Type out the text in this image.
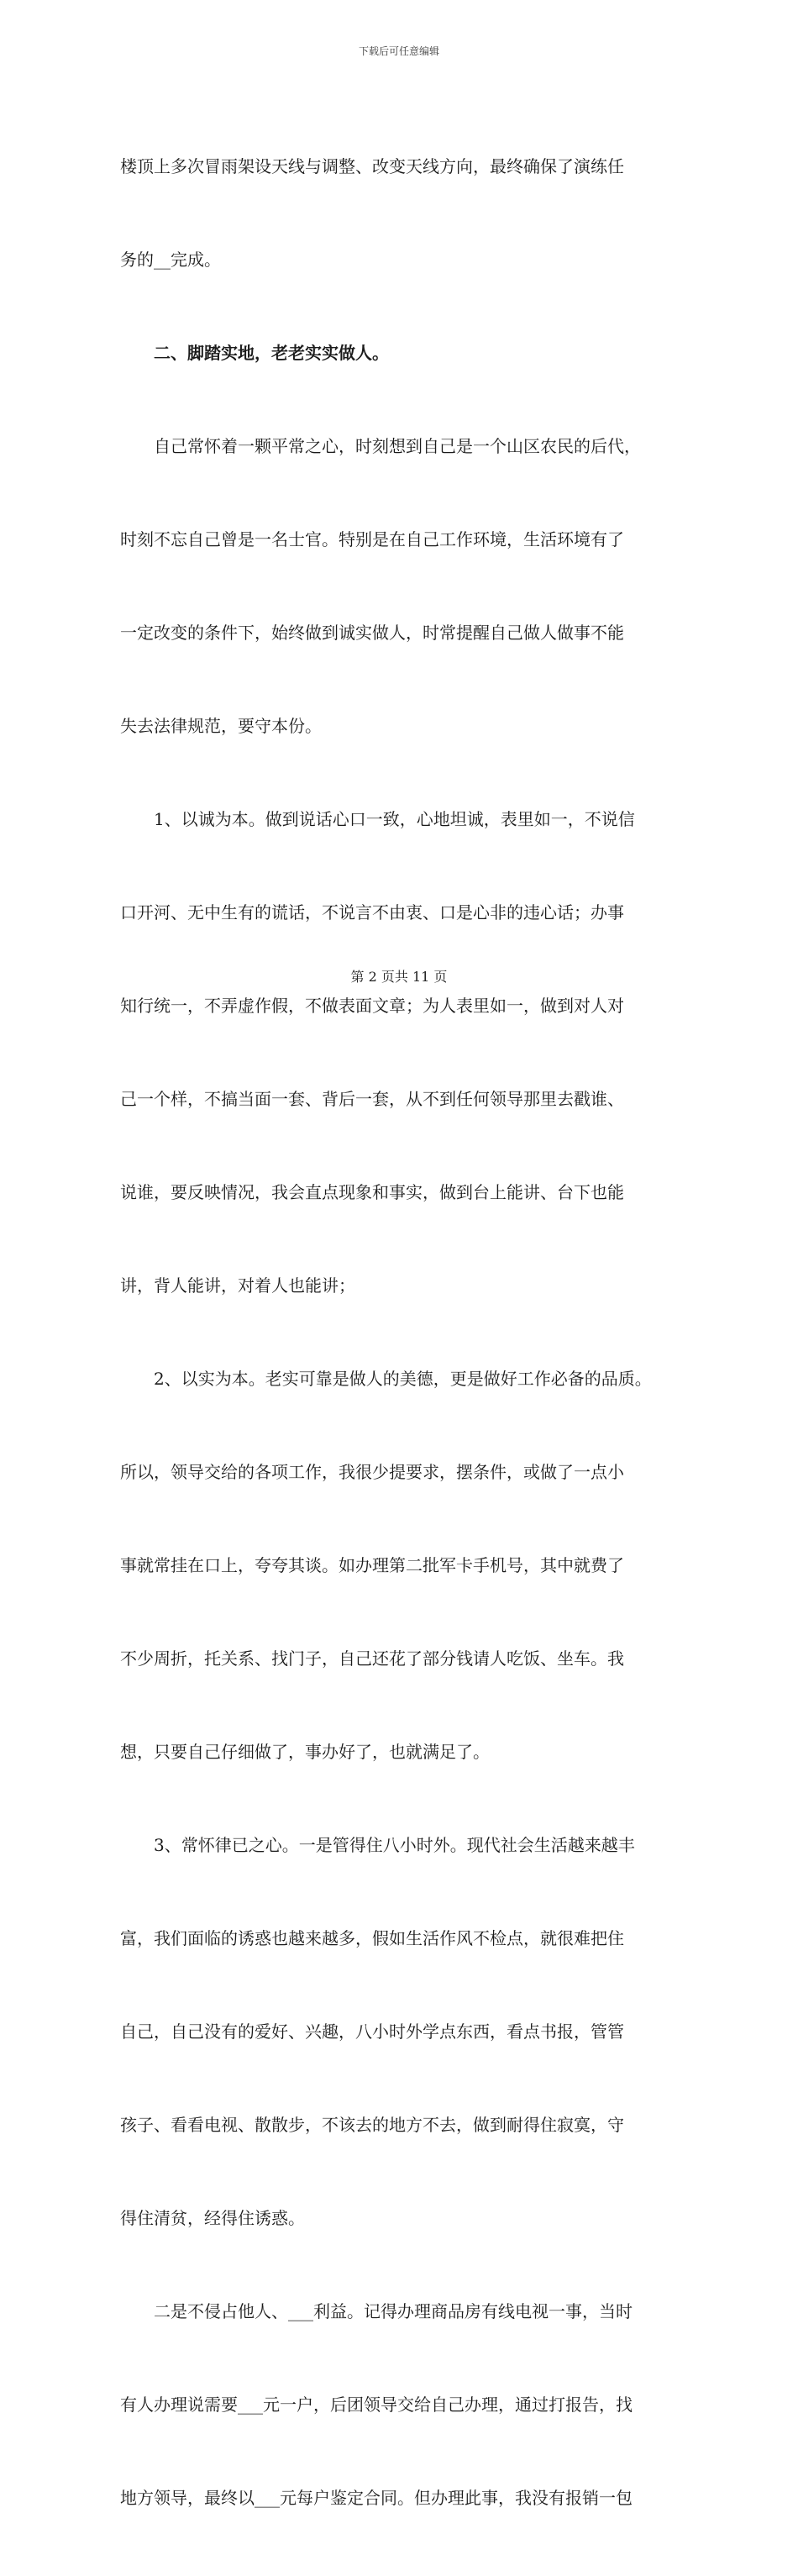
下载后可任意编辑

楼顶上多次冒雨架设天线与调整、改变天线方向，最终确保了演练任

务的__完成。

　　二、脚踏实地，老老实实做人。

　　自己常怀着一颗平常之心，时刻想到自己是一个山区农民的后代，

时刻不忘自己曾是一名士官。特别是在自己工作环境，生活环境有了

一定改变的条件下，始终做到诚实做人，时常提醒自己做人做事不能

失去法律规范，要守本份。

　　1、以诚为本。做到说话心口一致，心地坦诚，表里如一，不说信

口开河、无中生有的谎话，不说言不由衷、口是心非的违心话；办事

知行统一，不弄虚作假，不做表面文章；为人表里如一，做到对人对

己一个样，不搞当面一套、背后一套，从不到任何领导那里去戳谁、

说谁，要反映情况，我会直点现象和事实，做到台上能讲、台下也能

讲，背人能讲，对着人也能讲；

　　2、以实为本。老实可靠是做人的美德，更是做好工作必备的品质。

所以，领导交给的各项工作，我很少提要求，摆条件，或做了一点小

事就常挂在口上，夸夸其谈。如办理第二批军卡手机号，其中就费了

不少周折，托关系、找门子，自己还花了部分钱请人吃饭、坐车。我

想，只要自己仔细做了，事办好了，也就满足了。

　　3、常怀律已之心。一是管得住八小时外。现代社会生活越来越丰

富，我们面临的诱惑也越来越多，假如生活作风不检点，就很难把住

自己，自己没有的爱好、兴趣，八小时外学点东西，看点书报，管管

孩子、看看电视、散散步，不该去的地方不去，做到耐得住寂寞，守

得住清贫，经得住诱惑。

　　二是不侵占他人、___利益。记得办理商品房有线电视一事，当时

有人办理说需要___元一户，后团领导交给自己办理，通过打报告，找

地方领导，最终以___元每户鉴定合同。但办理此事，我没有报销一包

第 2 页共 11 页
